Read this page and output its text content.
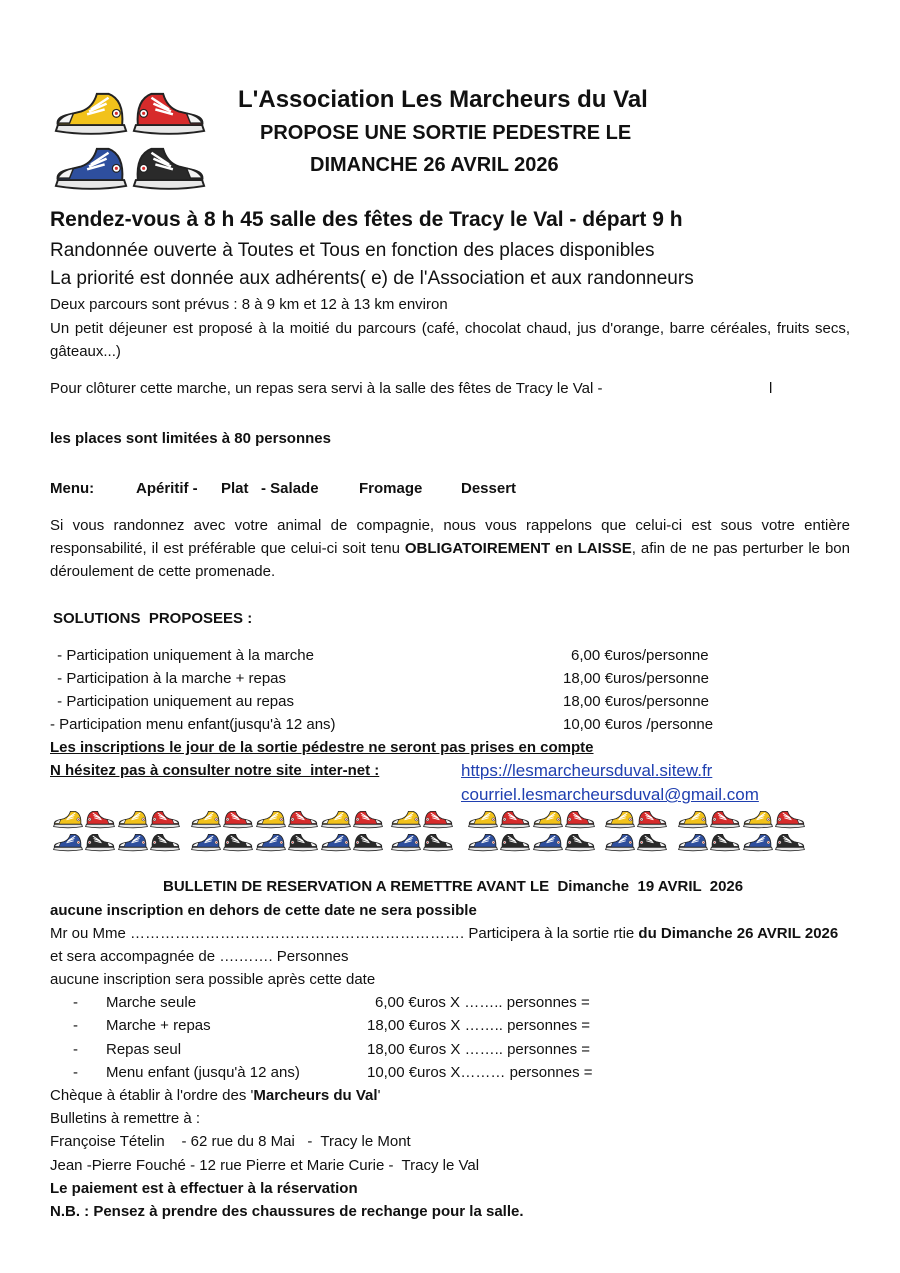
L'Association Les Marcheurs du Val
PROPOSE UNE SORTIE PEDESTRE LE
DIMANCHE 26 AVRIL 2026
Rendez-vous à 8 h 45 salle des fêtes de Tracy le Val - départ 9 h
Randonnée ouverte à Toutes et Tous en fonction des places disponibles
La priorité est donnée aux adhérents( e) de l'Association et aux randonneurs
Deux parcours sont prévus : 8 à 9 km et 12 à 13 km environ
Un petit déjeuner est proposé à la moitié du parcours (café, chocolat chaud, jus d'orange, barre céréales, fruits secs, gâteaux...)
Pour clôturer cette marche, un repas sera servi à la salle des fêtes de Tracy le Val -	l
les places sont limitées à 80 personnes
Menu:	Apéritif - Plat   - Salade	Fromage	Dessert
Si vous randonnez avec votre animal de compagnie, nous vous rappelons que celui-ci est sous votre entière responsabilité, il est préférable que celui-ci soit tenu OBLIGATOIREMENT en LAISSE, afin de ne pas perturber le bon déroulement de cette promenade.
SOLUTIONS  PROPOSEES :
- Participation uniquement à la marche	6,00 €uros/personne
- Participation à la marche + repas	18,00 €uros/personne
- Participation uniquement au repas	18,00 €uros/personne
- Participation menu enfant(jusqu'à 12 ans)	10,00 €uros /personne
Les inscriptions le jour de la sortie pédestre ne seront pas prises en compte
N hésitez pas à consulter notre site  inter-net :	https://lesmarcheursduval.sitew.fr
courriel.lesmarcheursduval@gmail.com
BULLETIN DE RESERVATION A REMETTRE AVANT LE  Dimanche  19 AVRIL  2026
aucune inscription en dehors de cette date ne sera possible
Mr ou Mme …………………………………………………………. Participera à la sortie rtie du Dimanche 26 AVRIL 2026
et sera accompagnée de ….……. Personnes
aucune inscription sera possible après cette date
- Marche seule	6,00 €uros X …….. personnes =
- Marche + repas	18,00 €uros X …….. personnes =
- Repas seul	18,00 €uros X …….. personnes =
- Menu enfant (jusqu'à 12 ans)	10,00 €uros X……… personnes =
Chèque à établir à l'ordre des 'Marcheurs du Val'
Bulletins à remettre à :
Françoise Tételin    - 62 rue du 8 Mai   -  Tracy le Mont
Jean -Pierre Fouché - 12 rue Pierre et Marie Curie -  Tracy le Val
Le paiement est à effectuer à la réservation
N.B. : Pensez à prendre des chaussures de rechange pour la salle.
